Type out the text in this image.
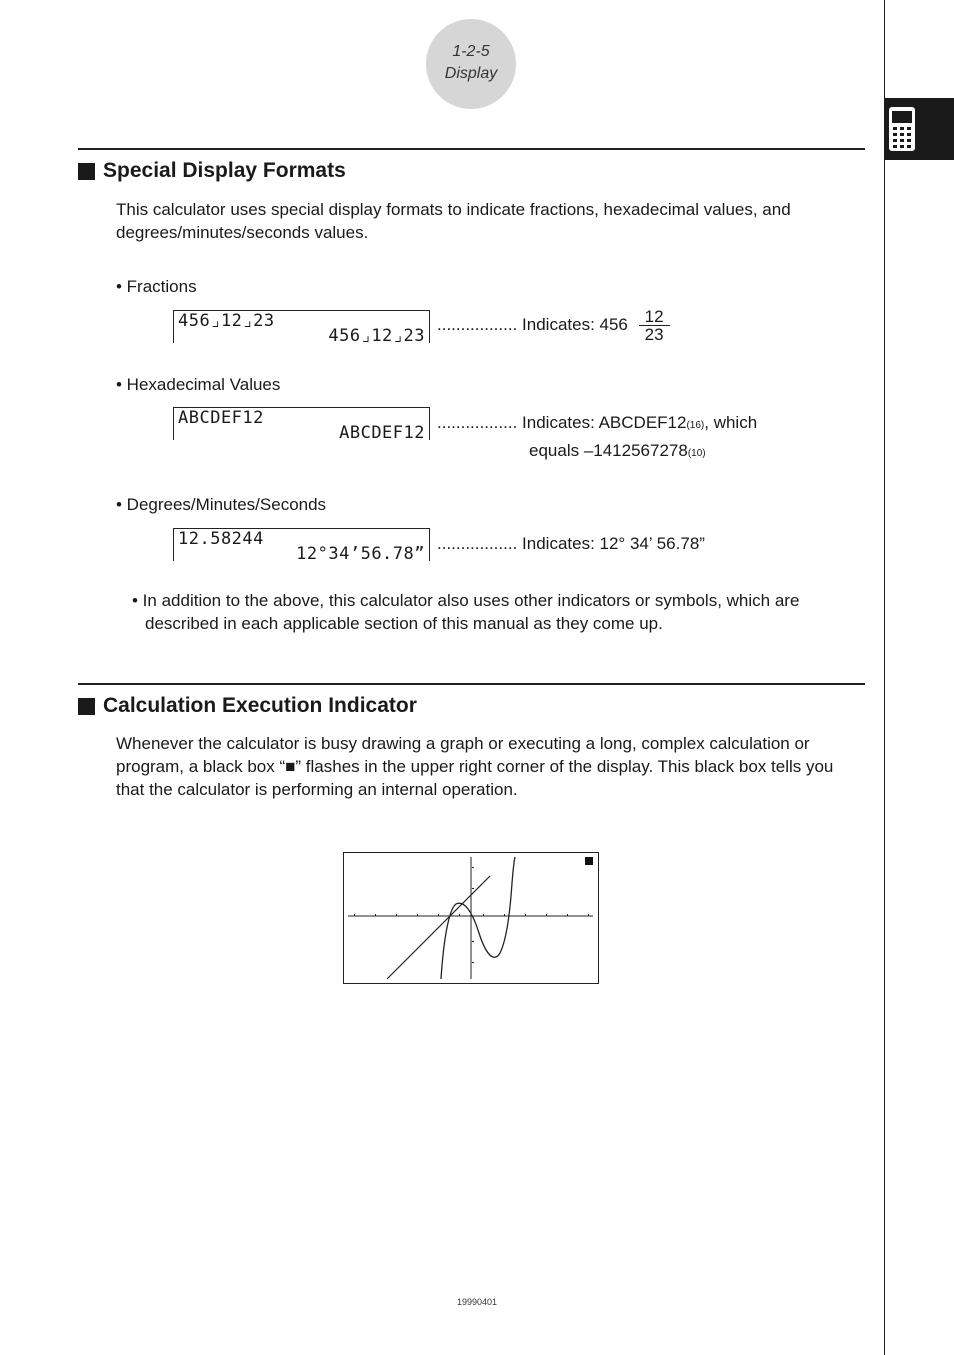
1-2-5
Display
Special Display Formats
This calculator uses special display formats to indicate fractions, hexadecimal values, and degrees/minutes/seconds values.
• Fractions
456⌟12⌟23
456⌟12⌟23
................. Indicates: $456 \frac{12}{23}$
• Hexadecimal Values
ABCDEF12
ABCDEF12
................. Indicates: ABCDEF12(16), which
equals –1412567278(10)
• Degrees/Minutes/Seconds
12.58244
12°34’56.78”
................. Indicates: 12° 34’ 56.78”
• In addition to the above, this calculator also uses other indicators or symbols, which are described in each applicable section of this manual as they come up.
Calculation Execution Indicator
Whenever the calculator is busy drawing a graph or executing a long, complex calculation or program, a black box “■” flashes in the upper right corner of the display. This black box tells you that the calculator is performing an internal operation.
19990401
